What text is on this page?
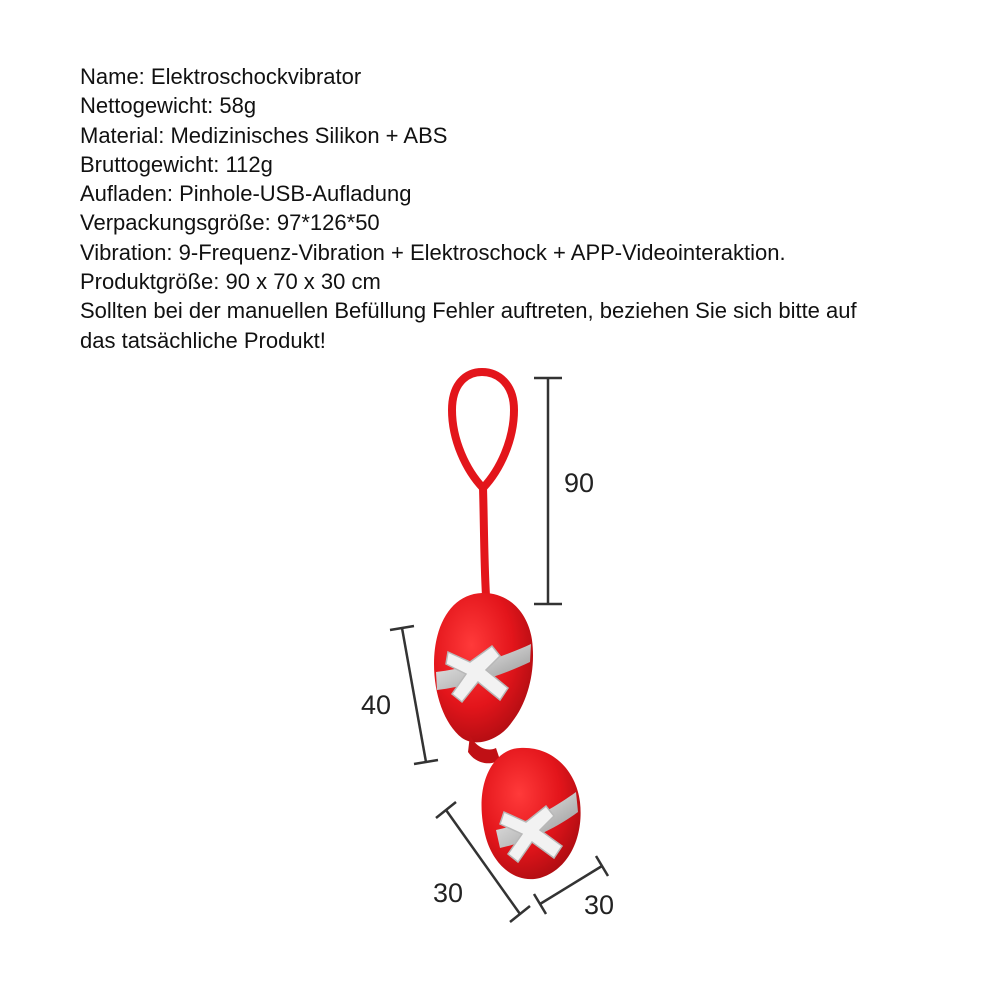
Name: Elektroschockvibrator
Nettogewicht: 58g
Material: Medizinisches Silikon + ABS
Bruttogewicht: 112g
Aufladen: Pinhole-USB-Aufladung
Verpackungsgröße: 97*126*50
Vibration: 9-Frequenz-Vibration + Elektroschock + APP-Videointeraktion.
Produktgröße: 90 x 70 x 30 cm
Sollten bei der manuellen Befüllung Fehler auftreten, beziehen Sie sich bitte auf das tatsächliche Produkt!
90
40
30	30
